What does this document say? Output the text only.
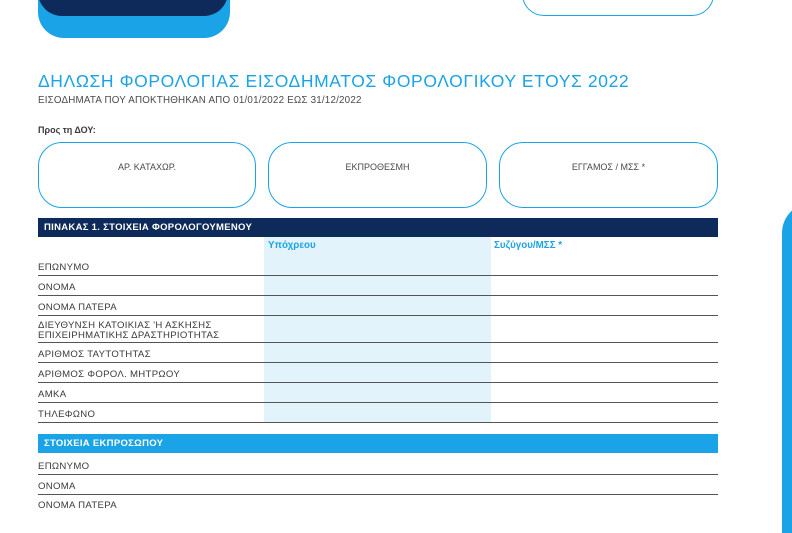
ΔΗΛΩΣΗ ΦΟΡΟΛΟΓΙΑΣ ΕΙΣΟΔΗΜΑΤΟΣ ΦΟΡΟΛΟΓΙΚΟΥ ΕΤΟΥΣ 2022
ΕΙΣΟΔΗΜΑΤΑ ΠΟΥ ΑΠΟΚΤΗΘΗΚΑΝ ΑΠΟ 01/01/2022 ΕΩΣ 31/12/2022
Προς τη ΔΟΥ:
ΑΡ. ΚΑΤΑΧΩΡ.	ΕΚΠΡΟΘΕΣΜΗ	ΕΓΓΑΜΟΣ / ΜΣΣ *
ΠΙΝΑΚΑΣ 1. ΣΤΟΙΧΕΙΑ ΦΟΡΟΛΟΓΟΥΜΕΝΟΥ
Υπόχρεου	Συζύγου/ΜΣΣ *
ΕΠΩΝΥΜΟ
ΟΝΟΜΑ
ΟΝΟΜΑ ΠΑΤΕΡΑ
ΔΙΕΥΘΥΝΣΗ ΚΑΤΟΙΚΙΑΣ 'Η ΑΣΚΗΣΗΣ
ΕΠΙΧΕΙΡΗΜΑΤΙΚΗΣ ΔΡΑΣΤΗΡΙΟΤΗΤΑΣ
ΑΡΙΘΜΟΣ ΤΑΥΤΟΤΗΤΑΣ
ΑΡΙΘΜΟΣ ΦΟΡΟΛ. ΜΗΤΡΩΟΥ
ΑΜΚΑ
ΤΗΛΕΦΩΝΟ
ΣΤΟΙΧΕΙΑ ΕΚΠΡΟΣΩΠΟΥ
ΕΠΩΝΥΜΟ
ΟΝΟΜΑ
ΟΝΟΜΑ ΠΑΤΕΡΑ
